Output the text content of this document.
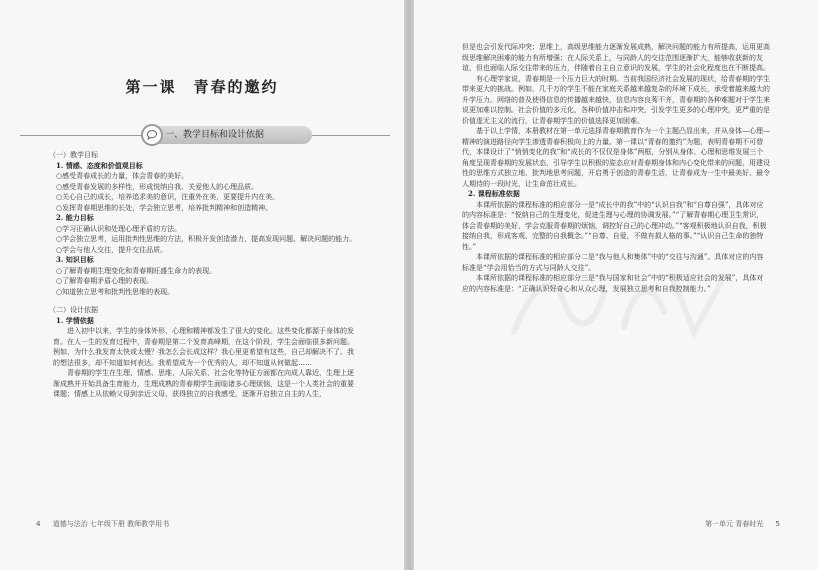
第一课　青春的邀约
一、教学目标和设计依据

（一）教学目标

1. 情感、态度和价值观目标

○感受青春成长的力量，体会青春的美好。

○感受青春发展的多样性，形成悦纳自我、关爱他人的心理品质。

○关心自己的成长，培养追求美的意识，注重外在美，更要提升内在美。

○发挥青春期思维的长处，学会独立思考，培养批判精神和创造精神。

2. 能力目标

○学习正确认识和处理心理矛盾的方法。

○学会独立思考，运用批判性思维的方法，积极开发创造潜力，提高发现问题、解决问题的能力。

○学会与他人交往，提升交往品质。

3. 知识目标

○了解青春期生理变化和青春期旺盛生命力的表现。

○了解青春期矛盾心理的表现。

○知道独立思考和批判性思维的表现。

（二）设计依据

1. 学情依据

进入初中以来，学生的身体外形、心理和精神都发生了很大的变化。这些变化都源于身体的发育。在人一生的发育过程中，青春期是第二个发育高峰期，在这个阶段，学生会面临很多新问题。例如，为什么我发育太快或太慢？我怎么会长成这样？我心里更希望有这些，自己却解决不了。我的想法很多，却不知道如何表达。我希望成为一个优秀的人，却不知道从何做起……

青春期的学生在生理、情感、思维、人际关系、社会化等特征方面都在向成人靠近，生理上逐渐成熟并开始具备生育能力，生理成熟的青春期学生面临诸多心理烦恼，这是一个人类社会的重要课题；情感上从依赖父母到亲近父母，获得独立的自我感受，逐渐开启独立自主的人生，

4 道德与法治 七年级下册 教师教学用书

但是也会引发代际冲突；思维上，高级思维能力逐渐发展成熟，解决问题的能力有所提高，运用更高级思维解决困难的能力有所增强；在人际关系上，与同龄人的交往范围逐渐扩大，能够收获新的友谊，但也面临人际交往带来的压力，伴随着自主自立意识的发展，学生的社会化程度也在不断提高。

有心理学家说，青春期是一个压力巨大的时期。当前我国经济社会发展的现状，给青春期的学生带来更大的挑战。例如，几千万的学生不能在家庭关系越来越复杂的环境下成长，承受着越来越大的升学压力。网络的普及使得信息的传播越来越快，信息内容良莠不齐，青春期的各种难题对于学生来说更加难以控制。社会价值的多元化，各种价值冲击和冲突，引发学生更多的心理冲突，更严重的是价值虚无主义的流行，让青春期学生的价值选择更加困难。

基于以上学情，本册教材在第一单元选择青春期教育作为一个主题凸显出来，并从身体—心理—精神的演进路径向学生渗透青春积极向上的力量。第一课以“青春的邀约”为题，表明青春期不可替代，本课设计了“悄悄变化的我”和“成长的不仅仅是身体”两框，分别从身体、心理和思维发展三个角度呈现青春期的发展状态，引导学生以积极的姿态应对青春期身体和内心变化带来的问题，用建设性的思维方式独立地、批判地思考问题，开启勇于创造的青春生活，让青春成为一生中最美好、最令人期待的一段时光，让生命茁壮成长。

2. 课程标准依据

本课所依据的课程标准的相应部分一是“成长中的我”中的“认识自我”和“自尊自强”，具体对应的内容标准是：“悦纳自己的生理变化，促进生理与心理的协调发展。”“了解青春期心理卫生常识，体会青春期的美好，学会克服青春期的烦恼，调控好自己的心理冲动。”“客观积极地认识自我，积极接纳自我，形成客观、完整的自我概念。”“自尊、自爱，不做有损人格的事。”“认识自己生命的独特性。”

本课所依据的课程标准的相应部分二是“我与他人和集体”中的“交往与沟通”。具体对应的内容标准是“学会用恰当的方式与同龄人交往”。

本课所依据的课程标准的相应部分三是“我与国家和社会”中的“积极适应社会的发展”，具体对应的内容标准是：“正确认识好奇心和从众心理，发展独立思考和自我控制能力。”

第一单元 青春时光 5
